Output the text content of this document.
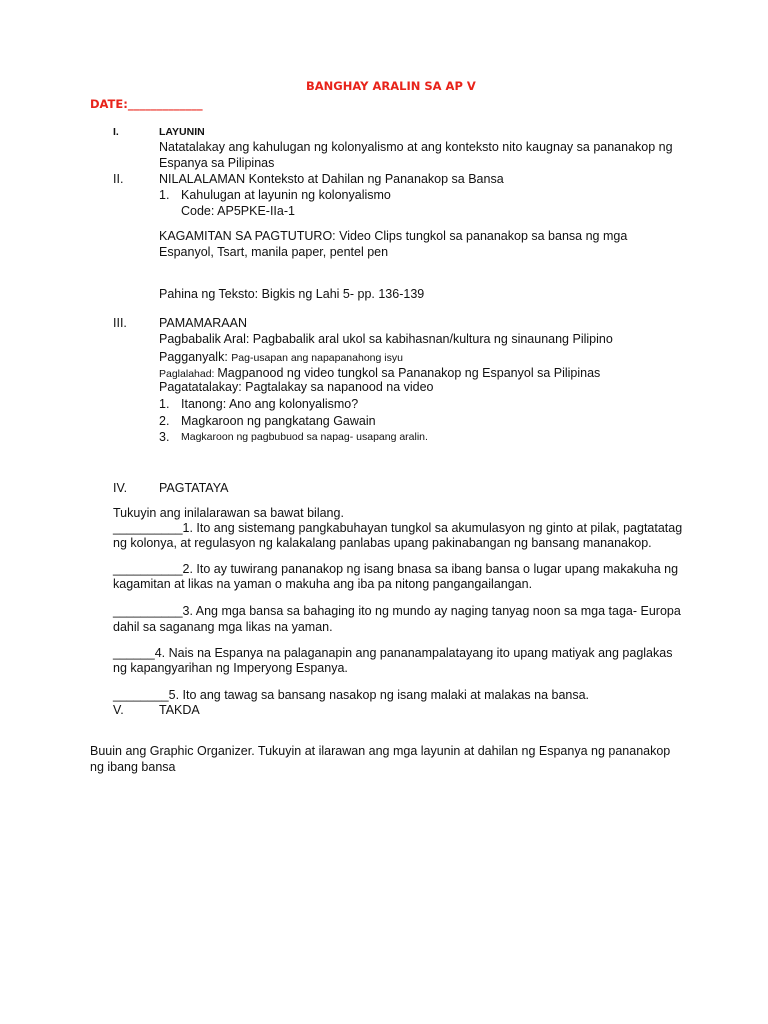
BANGHAY ARALIN SA AP V
DATE:_____________
I.	LAYUNIN
Natatalakay ang kahulugan ng kolonyalismo at ang konteksto nito kaugnay sa pananakop ng
Espanya sa Pilipinas
II.	NILALALAMAN Konteksto at Dahilan ng Pananakop sa Bansa
1. Kahulugan at layunin ng kolonyalismo
Code: AP5PKE-IIa-1
KAGAMITAN SA PAGTUTURO: Video Clips tungkol sa pananakop sa bansa ng mga
Espanyol, Tsart, manila paper, pentel pen
Pahina ng Teksto: Bigkis ng Lahi 5- pp. 136-139
III.	PAMAMARAAN
Pagbabalik Aral: Pagbabalik aral ukol sa kabihasnan/kultura ng sinaunang Pilipino
Pagganyalk: Pag-usapan ang napapanahong isyu
Paglalahad: Magpanood ng video tungkol sa Pananakop ng Espanyol sa Pilipinas
Pagatatalakay: Pagtalakay sa napanood na video
1. Itanong: Ano ang kolonyalismo?
2. Magkaroon ng pangkatang Gawain
3. Magkaroon ng pagbubuod sa napag- usapang aralin.
IV.	PAGTATAYA
Tukuyin ang inilalarawan sa bawat bilang.
__________1. Ito ang sistemang pangkabuhayan tungkol sa akumulasyon ng ginto at pilak, pagtatatag
ng kolonya, at regulasyon ng kalakalang panlabas upang pakinabangan ng bansang mananakop.
__________2. Ito ay tuwirang pananakop ng isang bnasa sa ibang bansa o lugar upang makakuha ng
kagamitan at likas na yaman o makuha ang iba pa nitong pangangailangan.
__________3. Ang mga bansa sa bahaging ito ng mundo ay naging tanyag noon sa mga taga- Europa
dahil sa saganang mga likas na yaman.
______4. Nais na Espanya na palaganapin ang pananampalatayang ito upang matiyak ang paglakas
ng kapangyarihan ng Imperyong Espanya.
________5. Ito ang tawag sa bansang nasakop ng isang malaki at malakas na bansa.
V.	TAKDA
Buuin ang Graphic Organizer. Tukuyin at ilarawan ang mga layunin at dahilan ng Espanya ng pananakop
ng ibang bansa
